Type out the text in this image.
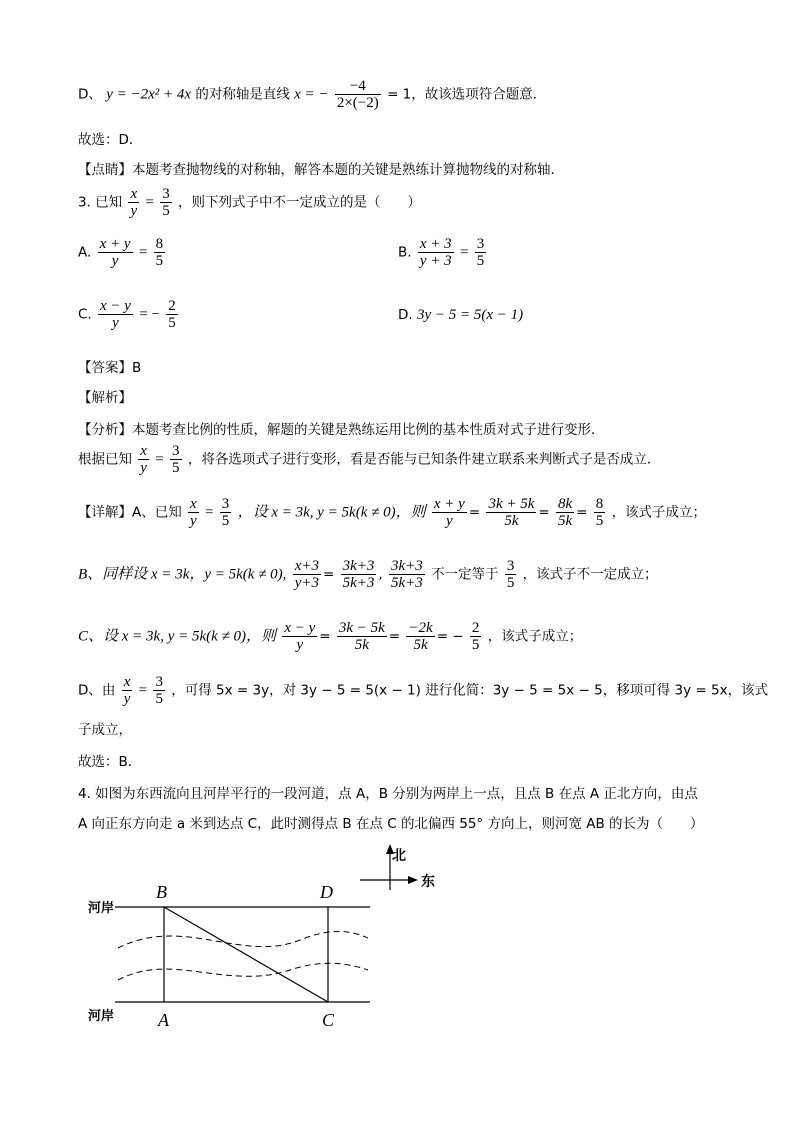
D、 y = −2x² + 4x 的对称轴是直线 x = − $\frac{-4}{2\times(-2)} = 1$，故该选项符合题意．
故选：D．
【点睛】本题考查抛物线的对称轴，解答本题的关键是熟练计算抛物线的对称轴．
3. 已知 $\frac{x}{y} = \frac{3}{5}$ ，则下列式子中不一定成立的是（　　）
A. $\frac{x + y}{y} = \frac{8}{5}$	B. $\frac{x + 3}{y + 3} = \frac{3}{5}$
C. $\frac{x - y}{y}$ = − $\frac{2}{5}$	D. 3y − 5 = 5(x − 1)
【答案】B
【解析】
【分析】本题考查比例的性质，解题的关键是熟练运用比例的基本性质对式子进行变形．
根据已知 $\frac{x}{y} = \frac{3}{5}$ ，将各选项式子进行变形，看是否能与已知条件建立联系来判断式子是否成立．
【详解】A、已知 $\frac{x}{y} = \frac{3}{5}$ ，设 x = 3k, y = 5k(k ≠ 0)，则 $\frac{x + y}{y} = \frac{3k + 5k}{5k} = \frac{8k}{5k} = \frac{8}{5}$ ，该式子成立；
B、同样设 x = 3k，y = 5k(k ≠ 0), $\frac{x+3}{y+3} = \frac{3k+3}{5k+3}$ , $\frac{3k+3}{5k+3}$ 不一定等于 $\frac{3}{5}$ ，该式子不一定成立；
C、设 x = 3k, y = 5k(k ≠ 0)，则 $\frac{x - y}{y} = \frac{3k - 5k}{5k} = \frac{-2k}{5k}$ = − $\frac{2}{5}$ ，该式子成立；
D、由 $\frac{x}{y} = \frac{3}{5}$ ，可得 5x = 3y，对 3y − 5 = 5(x − 1) 进行化简：3y − 5 = 5x − 5，移项可得 3y = 5x，该式
子成立，
故选：B．
4. 如图为东西流向且河岸平行的一段河道，点 A，B 分别为两岸上一点，且点 B 在点 A 正北方向，由点
A 向正东方向走 a 米到达点 C，此时测得点 B 在点 C 的北偏西 55° 方向上，则河宽 AB 的长为（　　）
北
东
河岸
河岸
B	D
A	C
